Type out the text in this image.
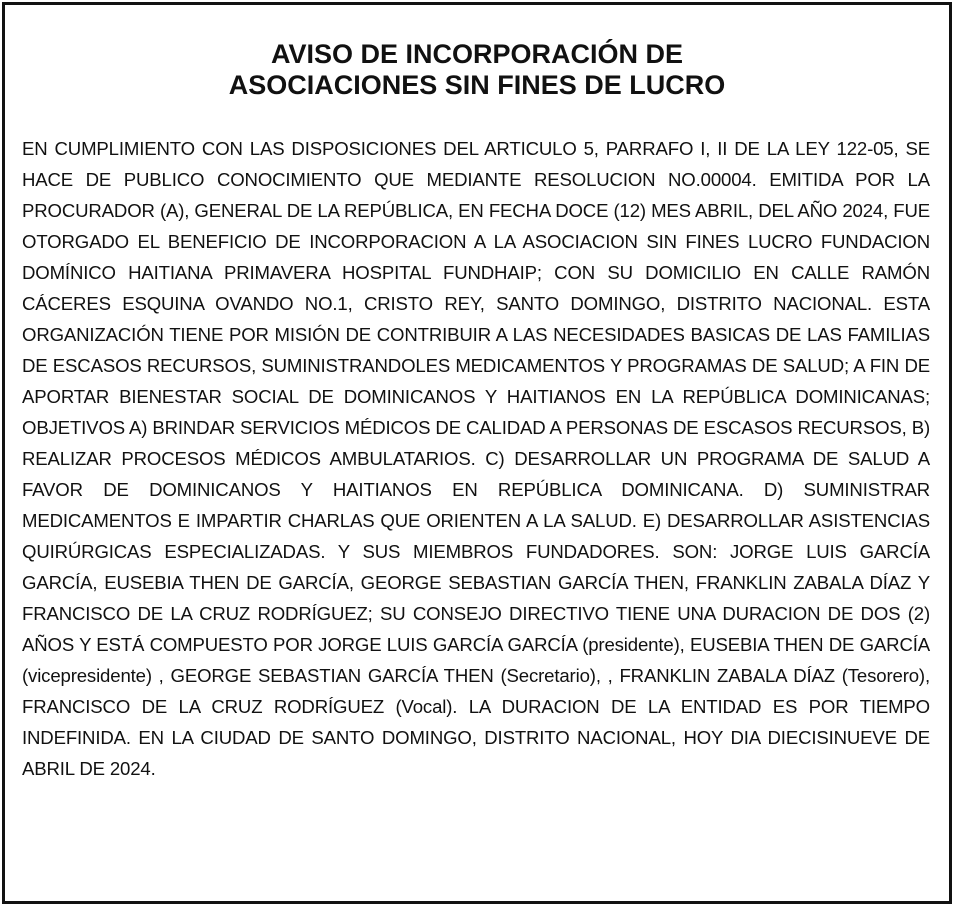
AVISO DE INCORPORACIÓN DE
ASOCIACIONES SIN FINES DE LUCRO

EN CUMPLIMIENTO CON LAS DISPOSICIONES DEL ARTICULO 5, PARRAFO I, II DE LA LEY 122-05, SE HACE DE PUBLICO CONOCIMIENTO QUE MEDIANTE RESOLUCION NO.00004. EMITIDA POR LA PROCURADOR (A), GENERAL DE LA REPÚBLICA, EN FECHA DOCE (12) MES ABRIL, DEL AÑO 2024, FUE OTORGADO EL BENEFICIO DE INCORPORACION A LA ASOCIACION SIN FINES LUCRO FUNDACION DOMÍNICO HAITIANA PRIMAVERA HOSPITAL FUNDHAIP; CON SU DOMICILIO EN CALLE RAMÓN CÁCERES ESQUINA OVANDO NO.1, CRISTO REY, SANTO DOMINGO, DISTRITO NACIONAL. ESTA ORGANIZACIÓN TIENE POR MISIÓN DE CONTRIBUIR A LAS NECESIDADES BASICAS DE LAS FAMILIAS DE ESCASOS RECURSOS, SUMINISTRANDOLES MEDICAMENTOS Y PROGRAMAS DE SALUD; A FIN DE APORTAR BIENESTAR SOCIAL DE DOMINICANOS Y HAITIANOS EN LA REPÚBLICA DOMINICANAS; OBJETIVOS A) BRINDAR SERVICIOS MÉDICOS DE CALIDAD A PERSONAS DE ESCASOS RECURSOS, B) REALIZAR PROCESOS MÉDICOS AMBULATARIOS. C) DESARROLLAR UN PROGRAMA DE SALUD A FAVOR DE DOMINICANOS Y HAITIANOS EN REPÚBLICA DOMINICANA. D) SUMINISTRAR MEDICAMENTOS E IMPARTIR CHARLAS QUE ORIENTEN A LA SALUD. E) DESARROLLAR ASISTENCIAS QUIRÚRGICAS ESPECIALIZADAS. Y SUS MIEMBROS FUNDADORES. SON: JORGE LUIS GARCÍA GARCÍA, EUSEBIA THEN DE GARCÍA, GEORGE SEBASTIAN GARCÍA THEN, FRANKLIN ZABALA DÍAZ Y FRANCISCO DE LA CRUZ RODRÍGUEZ; SU CONSEJO DIRECTIVO TIENE UNA DURACION DE DOS (2) AÑOS Y ESTÁ COMPUESTO POR JORGE LUIS GARCÍA GARCÍA (presidente), EUSEBIA THEN DE GARCÍA (vicepresidente) , GEORGE SEBASTIAN GARCÍA THEN (Secretario), , FRANKLIN ZABALA DÍAZ (Tesorero), FRANCISCO DE LA CRUZ RODRÍGUEZ (Vocal). LA DURACION DE LA ENTIDAD ES POR TIEMPO INDEFINIDA. EN LA CIUDAD DE SANTO DOMINGO, DISTRITO NACIONAL, HOY DIA DIECISINUEVE DE ABRIL DE 2024.
